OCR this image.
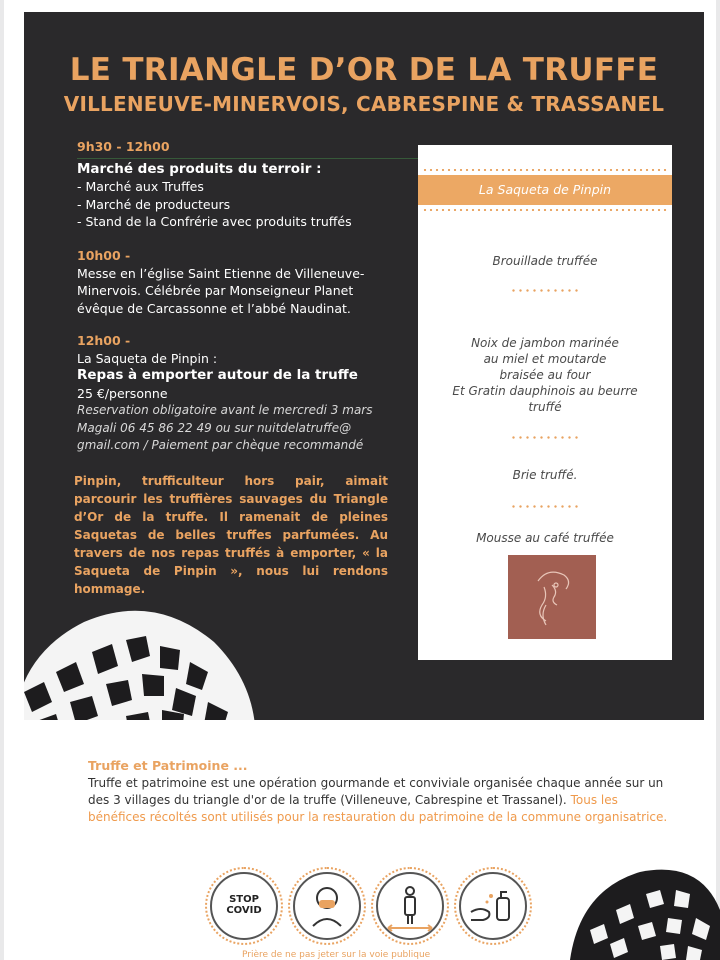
LE TRIANGLE D’OR DE LA TRUFFE
VILLENEUVE-MINERVOIS, CABRESPINE & TRASSANEL
9h30 - 12h00
Marché des produits du terroir :
- Marché aux Truffes
- Marché de producteurs
- Stand de la Confrérie avec produits truffés
10h00 -
Messe en l’église Saint Etienne de Villeneuve-
Minervois. Célébrée par Monseigneur Planet
évêque de Carcassonne et l’abbé Naudinat.
12h00 -
La Saqueta de Pinpin :
Repas à emporter autour de la truffe
25 €/personne
Reservation obligatoire avant le mercredi 3 mars
Magali 06 45 86 22 49 ou sur nuitdelatruffe@
gmail.com / Paiement par chèque recommandé
Pinpin, trufficulteur hors pair, aimait parcourir les truffières sauvages du Triangle d’Or de la truffe. Il ramenait de pleines Saquetas de belles truffes parfumées. Au travers de nos repas truffés à emporter, « la Saqueta de Pinpin », nous lui rendons hommage.
La Saqueta de Pinpin
Brouillade truffée
Noix de jambon marinée
au miel et moutarde
braisée au four
Et Gratin dauphinois au beurre
truffé
Brie truffé.
Mousse au café truffée
Truffe et Patrimoine ...
Truffe et patrimoine est une opération gourmande et conviviale organisée chaque année sur un des 3 villages du triangle d'or de la truffe (Villeneuve, Cabrespine et Trassanel). Tous les bénéfices récoltés sont utilisés pour la restauration du patrimoine de la commune organisatrice.
STOP
COVID
Prière de ne pas jeter sur la voie publique
